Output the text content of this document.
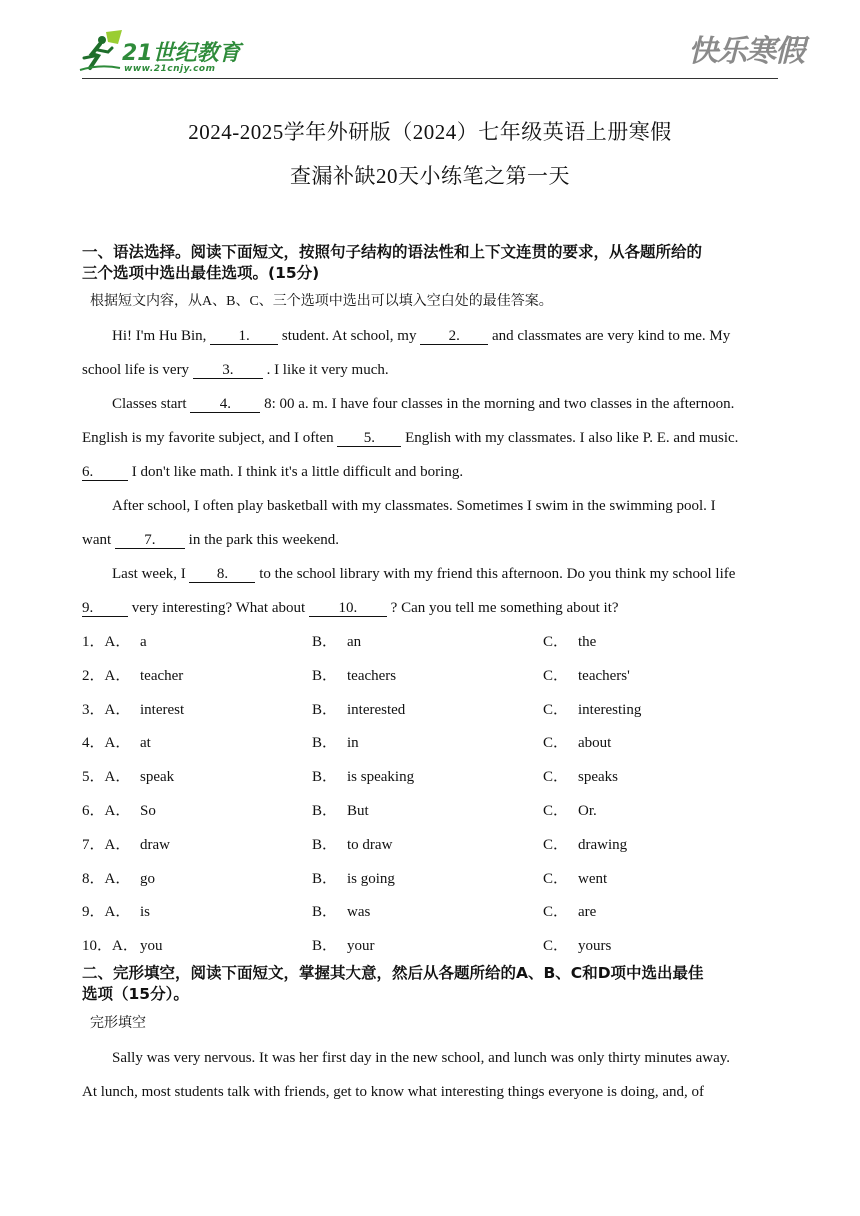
21世纪教育
www.21cnjy.com	快乐寒假
2024-2025学年外研版（2024）七年级英语上册寒假
查漏补缺20天小练笔之第一天
一、语法选择。阅读下面短文，按照句子结构的语法性和上下文连贯的要求，从各题所给的
三个选项中选出最佳选项。(15分)
根据短文内容，从A、B、C、三个选项中选出可以填入空白处的最佳答案。
Hi! I'm Hu Bin, 1. student. At school, my 2. and classmates are very kind to me. My
school life is very 3. . I like it very much.
Classes start 4. 8: 00 a. m. I have four classes in the morning and two classes in the afternoon.
English is my favorite subject, and I often 5. English with my classmates. I also like P. E. and music.
6.	I don't like math. I think it's a little difficult and boring.
After school, I often play basketball with my classmates. Sometimes I swim in the swimming pool. I
want 7. in the park this weekend.
Last week, I 8. to the school library with my friend this afternoon. Do you think my school life
9.	very interesting? What about 10. ? Can you tell me something about it?
1．A． a	B． an	C． the
2．A． teacher	B． teachers	C． teachers'
3．A． interest	B． interested	C． interesting
4．A． at	B． in	C． about
5．A． speak	B． is speaking	C． speaks
6．A． So	B． But	C． Or.
7．A． draw	B． to draw	C． drawing
8．A． go	B． is going	C． went
9．A． is	B． was	C． are
10．A． you	B． your	C． yours
二、完形填空，阅读下面短文，掌握其大意，然后从各题所给的A、B、C和D项中选出最佳
选项（15分）。
完形填空
Sally was very nervous. It was her first day in the new school, and lunch was only thirty minutes away.
At lunch, most students talk with friends, get to know what interesting things everyone is doing, and, of
